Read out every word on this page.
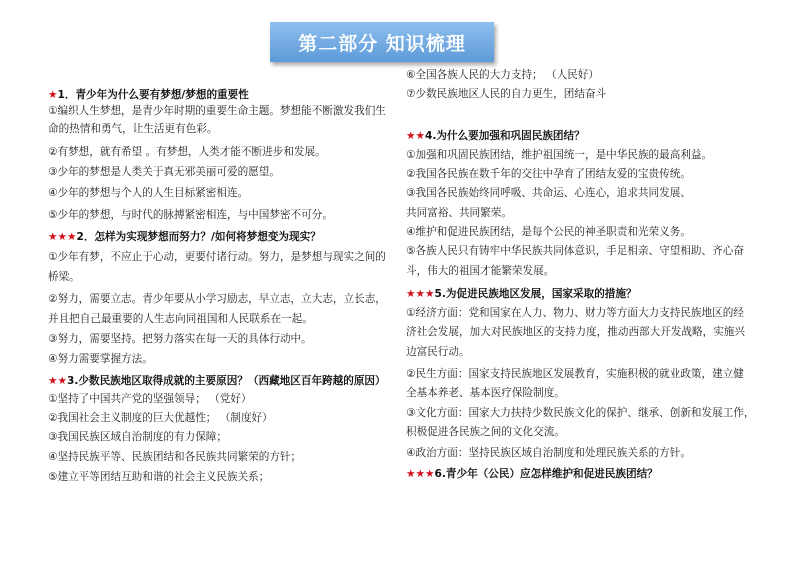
第二部分 知识梳理
★1．青少年为什么要有梦想/梦想的重要性
①编织人生梦想，是青少年时期的重要生命主题。梦想能不断激发我们生
命的热情和勇气，让生活更有色彩。
②有梦想，就有希望 。有梦想，人类才能不断进步和发展。
③少年的梦想是人类关于真无邪美丽可爱的愿望。
④少年的梦想与个人的人生目标紧密相连。
⑤少年的梦想，与时代的脉搏紧密相连，与中国梦密不可分。
★★★2．怎样为实现梦想而努力？/如何将梦想变为现实？
①少年有梦，不应止于心动，更要付诸行动。努力，是梦想与现实之间的
桥梁。
②努力，需要立志。青少年要从小学习励志，早立志，立大志，立长志，
并且把自己最重要的人生志向同祖国和人民联系在一起。
③努力，需要坚持。把努力落实在每一天的具体行动中。
④努力需要掌握方法。
★★3.少数民族地区取得成就的主要原因？（西藏地区百年跨越的原因）
①坚持了中国共产党的坚强领导； （党好）
②我国社会主义制度的巨大优越性； （制度好）
③我国民族区域自治制度的有力保障；
④坚持民族平等、民族团结和各民族共同繁荣的方针；
⑤建立平等团结互助和谐的社会主义民族关系；
⑥全国各族人民的大力支持； （人民好）
⑦少数民族地区人民的自力更生，团结奋斗
★★4.为什么要加强和巩固民族团结？
①加强和巩固民族团结，维护祖国统一，是中华民族的最高利益。
②我国各民族在数千年的交往中孕育了团结友爱的宝贵传统。
③我国各民族始终同呼吸、共命运、心连心，追求共同发展、
共同富裕、共同繁荣。
④维护和促进民族团结，是每个公民的神圣职责和光荣义务。
⑤各族人民只有铸牢中华民族共同体意识，手足相亲、守望相助、齐心奋
斗，伟大的祖国才能繁荣发展。
★★★5.为促进民族地区发展，国家采取的措施？
①经济方面：党和国家在人力、物力、财力等方面大力支持民族地区的经
济社会发展，加大对民族地区的支持力度，推动西部大开发战略，实施兴
边富民行动。
②民生方面：国家支持民族地区发展教育，实施积极的就业政策，建立健
全基本养老、基本医疗保险制度。
③文化方面：国家大力扶持少数民族文化的保护、继承、创新和发展工作，
积极促进各民族之间的文化交流。
④政治方面：坚持民族区域自治制度和处理民族关系的方针。
★★★6.青少年（公民）应怎样维护和促进民族团结？
